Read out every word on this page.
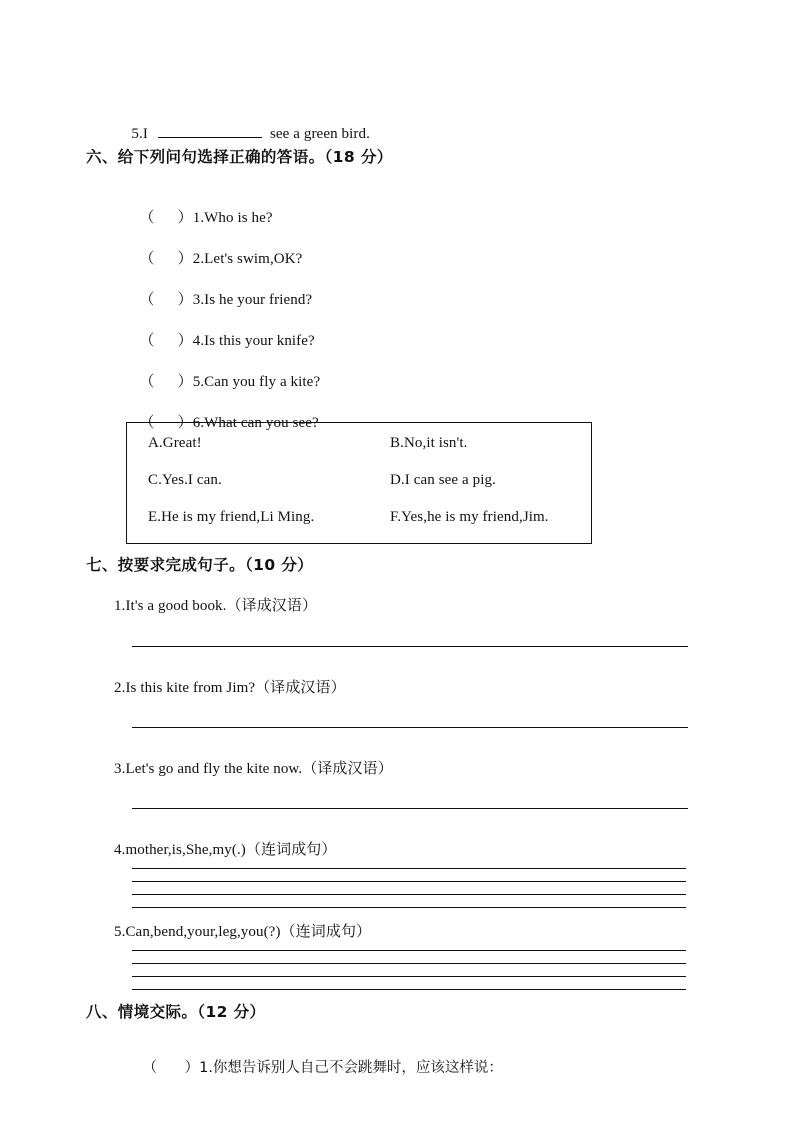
5.I	see a green bird.

六、给下列问句选择正确的答语。（18 分）

（      ）1.Who is he?

（      ）2.Let's swim,OK?

（      ）3.Is he your friend?

（      ）4.Is this your knife?

（      ）5.Can you fly a kite?

（      ）6.What can you see?

A.Great!
C.Yes.I can.
E.He is my friend,Li Ming.
B.No,it isn't.
D.I can see a pig.
F.Yes,he is my friend,Jim.
七、按要求完成句子。（10 分）
1.It's a good book.（译成汉语）
2.Is this kite from Jim?（译成汉语）
3.Let's go and fly the kite now.（译成汉语）
4.mother,is,She,my(.)（连词成句）
5.Can,bend,your,leg,you(?)（连词成句）
八、情境交际。（12 分）

（      ）1.你想告诉别人自己不会跳舞时，应该这样说：
